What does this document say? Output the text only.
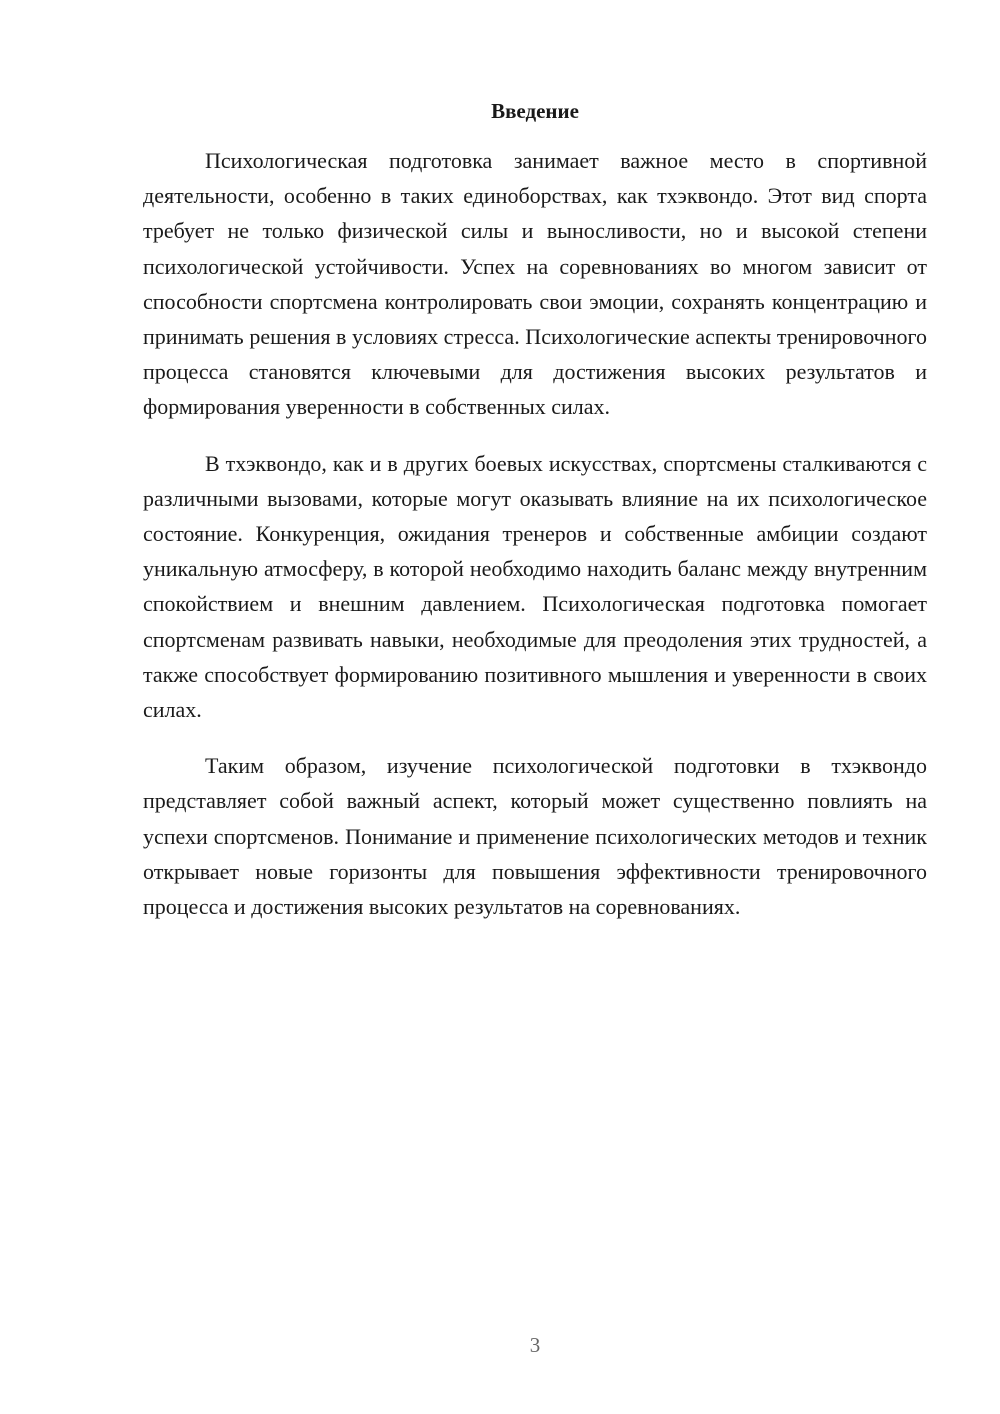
Введение

Психологическая подготовка занимает важное место в спортивной деятельности, особенно в таких единоборствах, как тхэквондо. Этот вид спорта требует не только физической силы и выносливости, но и высокой степени психологической устойчивости. Успех на соревнованиях во многом зависит от способности спортсмена контролировать свои эмоции, сохранять концентрацию и принимать решения в условиях стресса. Психологические аспекты тренировочного процесса становятся ключевыми для достижения высоких результатов и формирования уверенности в собственных силах.

В тхэквондо, как и в других боевых искусствах, спортсмены сталкиваются с различными вызовами, которые могут оказывать влияние на их психологическое состояние. Конкуренция, ожидания тренеров и собственные амбиции создают уникальную атмосферу, в которой необходимо находить баланс между внутренним спокойствием и внешним давлением. Психологическая подготовка помогает спортсменам развивать навыки, необходимые для преодоления этих трудностей, а также способствует формированию позитивного мышления и уверенности в своих силах.

Таким образом, изучение психологической подготовки в тхэквондо представляет собой важный аспект, который может существенно повлиять на успехи спортсменов. Понимание и применение психологических методов и техник открывает новые горизонты для повышения эффективности тренировочного процесса и достижения высоких результатов на соревнованиях.

3
